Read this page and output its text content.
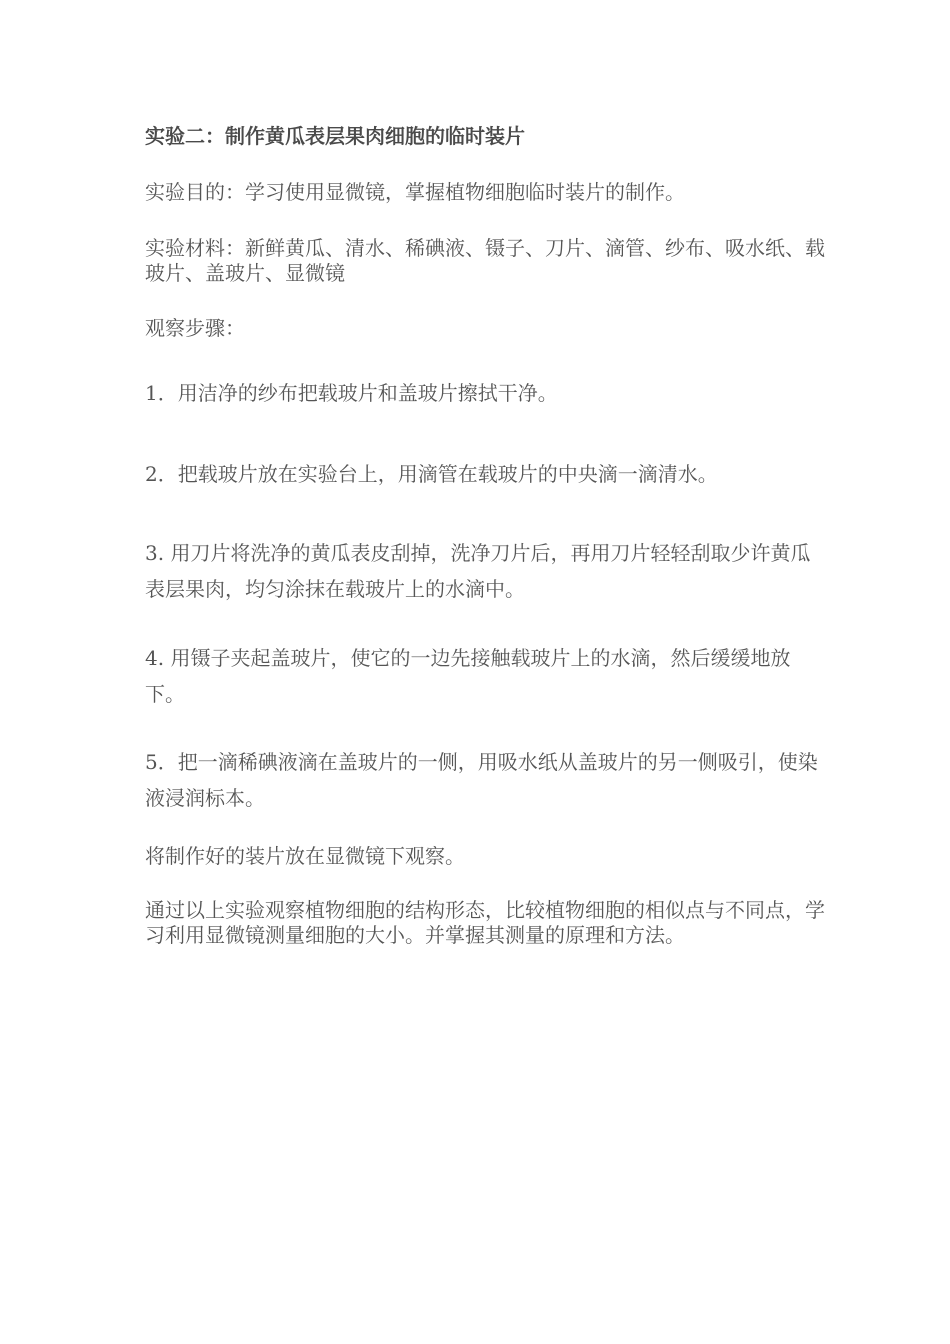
实验二：制作黄瓜表层果肉细胞的临时装片

实验目的：学习使用显微镜，掌握植物细胞临时装片的制作。

实验材料：新鲜黄瓜、清水、稀碘液、镊子、刀片、滴管、纱布、吸水纸、载玻片、盖玻片、显微镜

观察步骤：

1．用洁净的纱布把载玻片和盖玻片擦拭干净。

2．把载玻片放在实验台上，用滴管在载玻片的中央滴一滴清水。

3. 用刀片将洗净的黄瓜表皮刮掉，洗净刀片后，再用刀片轻轻刮取少许黄瓜表层果肉，均匀涂抹在载玻片上的水滴中。

4. 用镊子夹起盖玻片，使它的一边先接触载玻片上的水滴，然后缓缓地放下。

5．把一滴稀碘液滴在盖玻片的一侧，用吸水纸从盖玻片的另一侧吸引，使染液浸润标本。

将制作好的装片放在显微镜下观察。

通过以上实验观察植物细胞的结构形态，比较植物细胞的相似点与不同点，学习利用显微镜测量细胞的大小。并掌握其测量的原理和方法。
